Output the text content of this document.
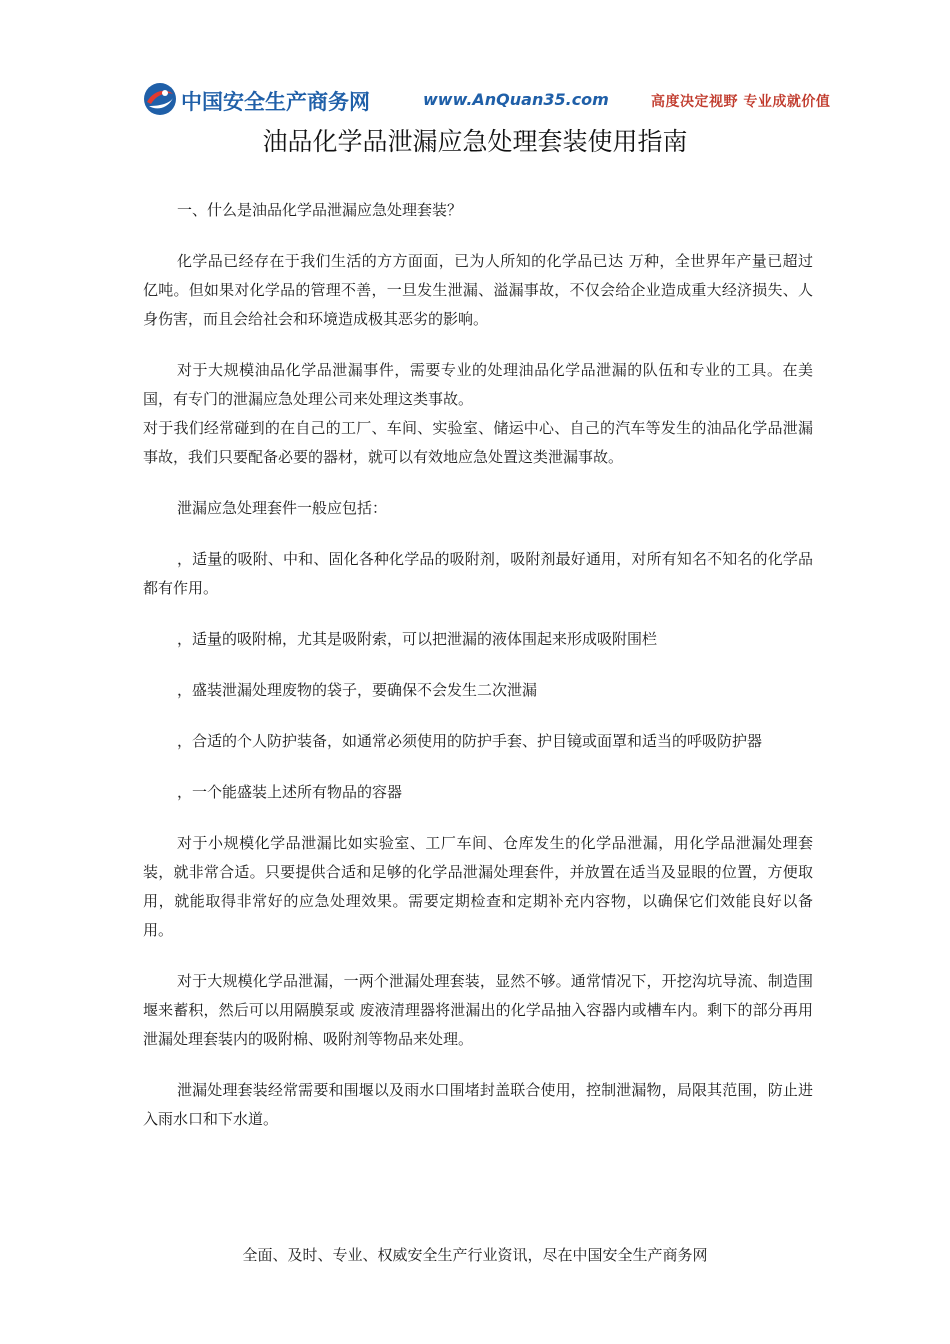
中国安全生产商务网	www.AnQuan35.com	高度决定视野 专业成就价值
油品化学品泄漏应急处理套装使用指南

一、什么是油品化学品泄漏应急处理套装？

化学品已经存在于我们生活的方方面面，已为人所知的化学品已达 万种，全世界年产量已超过 亿吨。但如果对化学品的管理不善，一旦发生泄漏、溢漏事故，不仅会给企业造成重大经济损失、人身伤害，而且会给社会和环境造成极其恶劣的影响。

对于大规模油品化学品泄漏事件，需要专业的处理油品化学品泄漏的队伍和专业的工具。在美国，有专门的泄漏应急处理公司来处理这类事故。

对于我们经常碰到的在自己的工厂、车间、实验室、储运中心、自己的汽车等发生的油品化学品泄漏事故，我们只要配备必要的器材，就可以有效地应急处置这类泄漏事故。

泄漏应急处理套件一般应包括：

，适量的吸附、中和、固化各种化学品的吸附剂，吸附剂最好通用，对所有知名不知名的化学品都有作用。

，适量的吸附棉，尤其是吸附索，可以把泄漏的液体围起来形成吸附围栏

，盛装泄漏处理废物的袋子，要确保不会发生二次泄漏

，合适的个人防护装备，如通常必须使用的防护手套、护目镜或面罩和适当的呼吸防护器

，一个能盛装上述所有物品的容器

对于小规模化学品泄漏比如实验室、工厂车间、仓库发生的化学品泄漏，用化学品泄漏处理套装，就非常合适。只要提供合适和足够的化学品泄漏处理套件，并放置在适当及显眼的位置，方便取用，就能取得非常好的应急处理效果。需要定期检查和定期补充内容物，以确保它们效能良好以备用。

对于大规模化学品泄漏，一两个泄漏处理套装，显然不够。通常情况下，开挖沟坑导流、制造围堰来蓄积，然后可以用隔膜泵或 废液清理器将泄漏出的化学品抽入容器内或槽车内。剩下的部分再用泄漏处理套装内的吸附棉、吸附剂等物品来处理。

泄漏处理套装经常需要和围堰以及雨水口围堵封盖联合使用，控制泄漏物，局限其范围，防止进入雨水口和下水道。

全面、及时、专业、权威安全生产行业资讯，尽在中国安全生产商务网
